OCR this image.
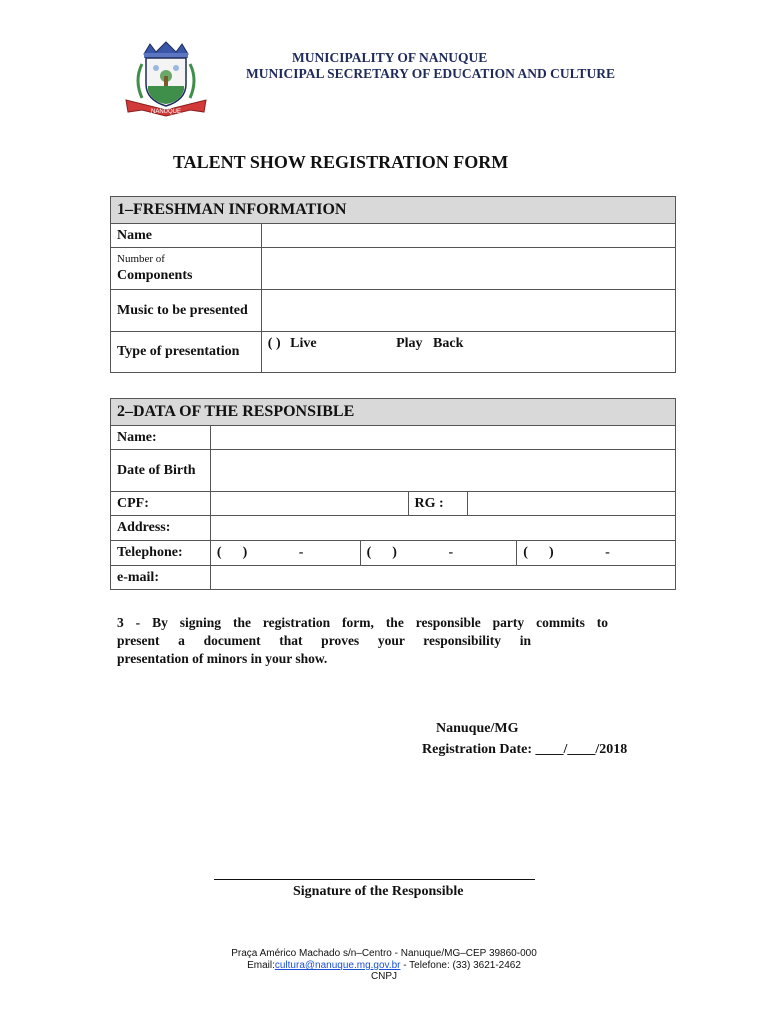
NANUQUE
MUNICIPALITY OF NANUQUE
MUNICIPAL SECRETARY OF EDUCATION AND CULTURE
TALENT SHOW REGISTRATION FORM
1–FRESHMAN INFORMATION	
Name	

Number of
Components	

Music to be presented	
Type of presentation	( ) Live Play   Back
2–DATA OF THE RESPONSIBLE					
Name:					
Date of Birth					
CPF:			RG :		
Address:					
Telephone:	(      ) -	(      ) -			(      ) -
e-mail:					
3 - By signing the registration form, the responsible party commits to
present a document that proves your responsibility in
presentation of minors in your show.
Nanuque/MG
Registration Date: ____/____/2018
Signature of the Responsible
Praça Américo Machado s/n–Centro - Nanuque/MG–CEP 39860-000
Email:cultura@nanuque.mg.gov.br - Telefone: (33) 3621-2462
CNPJ
